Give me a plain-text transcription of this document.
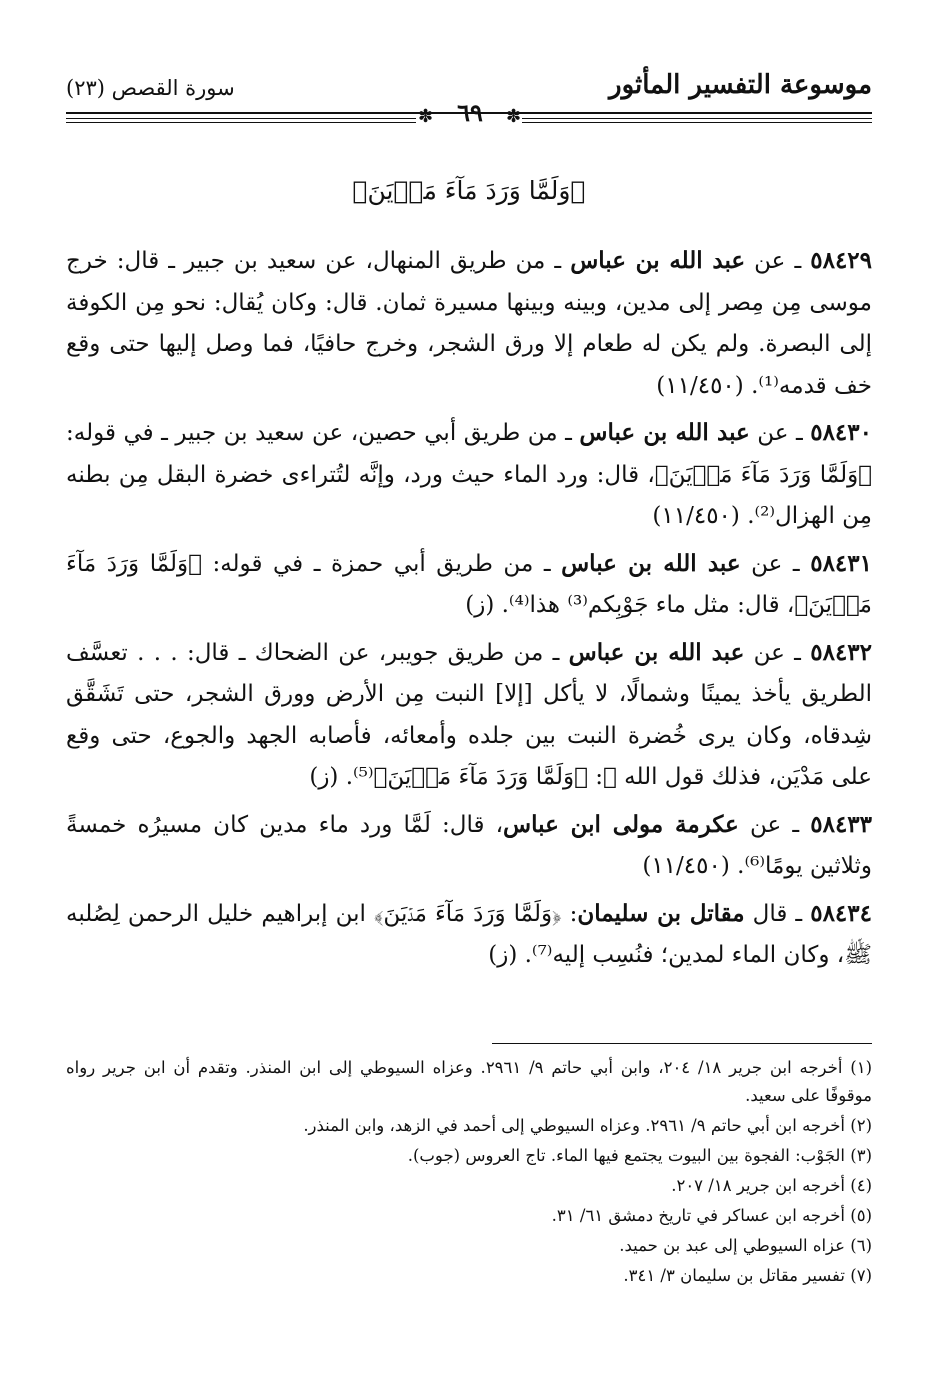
موسوعة التفسير المأثور
سورة القصص (٢٣)
✽	٦٩	✽
﴿وَلَمَّا وَرَدَ مَآءَ مَدۡيَنَ﴾

٥٨٤٢٩ ـ عن عبد الله بن عباس ـ من طريق المنهال، عن سعيد بن جبير ـ قال: خرج موسى مِن مِصر إلى مدين، وبينه وبينها مسيرة ثمان. قال: وكان يُقال: نحو مِن الكوفة إلى البصرة. ولم يكن له طعام إلا ورق الشجر، وخرج حافيًا، فما وصل إليها حتى وقع خف قدمه⁽¹⁾. (١١/٤٥٠)

٥٨٤٣٠ ـ عن عبد الله بن عباس ـ من طريق أبي حصين، عن سعيد بن جبير ـ في قوله: ﴿وَلَمَّا وَرَدَ مَآءَ مَدۡيَنَ﴾، قال: ورد الماء حيث ورد، وإنَّه لتُتراءى خضرة البقل مِن بطنه مِن الهزال⁽²⁾. (١١/٤٥٠)

٥٨٤٣١ ـ عن عبد الله بن عباس ـ من طريق أبي حمزة ـ في قوله: ﴿وَلَمَّا وَرَدَ مَآءَ مَدۡيَنَ﴾، قال: مثل ماء جَوْبِكم⁽³⁾ هذا⁽⁴⁾. (ز)

٥٨٤٣٢ ـ عن عبد الله بن عباس ـ من طريق جويبر، عن الضحاك ـ قال: . . . تعسَّف الطريق يأخذ يمينًا وشمالًا، لا يأكل [إلا] النبت مِن الأرض وورق الشجر، حتى تَشَقَّق شِدقاه، وكان يرى خُضرة النبت بين جلده وأمعائه، فأصابه الجهد والجوع، حتى وقع على مَدْيَن، فذلك قول الله ﷻ: ﴿وَلَمَّا وَرَدَ مَآءَ مَدۡيَنَ﴾⁽⁵⁾. (ز)

٥٨٤٣٣ ـ عن عكرمة مولى ابن عباس، قال: لَمَّا ورد ماء مدين كان مسيرُه خمسةً وثلاثين يومًا⁽⁶⁾. (١١/٤٥٠)

٥٨٤٣٤ ـ قال مقاتل بن سليمان: ﴿وَلَمَّا وَرَدَ مَآءَ مَدۡيَنَ﴾ ابن إبراهيم خليل الرحمن لِصُلبه ﷺ، وكان الماء لمدين؛ فنُسِب إليه⁽⁷⁾. (ز)

(١) أخرجه ابن جرير ١٨/ ٢٠٤، وابن أبي حاتم ٩/ ٢٩٦١. وعزاه السيوطي إلى ابن المنذر. وتقدم أن ابن جرير رواه موقوفًا على سعيد.

(٢) أخرجه ابن أبي حاتم ٩/ ٢٩٦١. وعزاه السيوطي إلى أحمد في الزهد، وابن المنذر.

(٣) الجَوْب: الفجوة بين البيوت يجتمع فيها الماء. تاج العروس (جوب).

(٤) أخرجه ابن جرير ١٨/ ٢٠٧.

(٥) أخرجه ابن عساكر في تاريخ دمشق ٦١/ ٣١.

(٦) عزاه السيوطي إلى عبد بن حميد.

(٧) تفسير مقاتل بن سليمان ٣/ ٣٤١.
